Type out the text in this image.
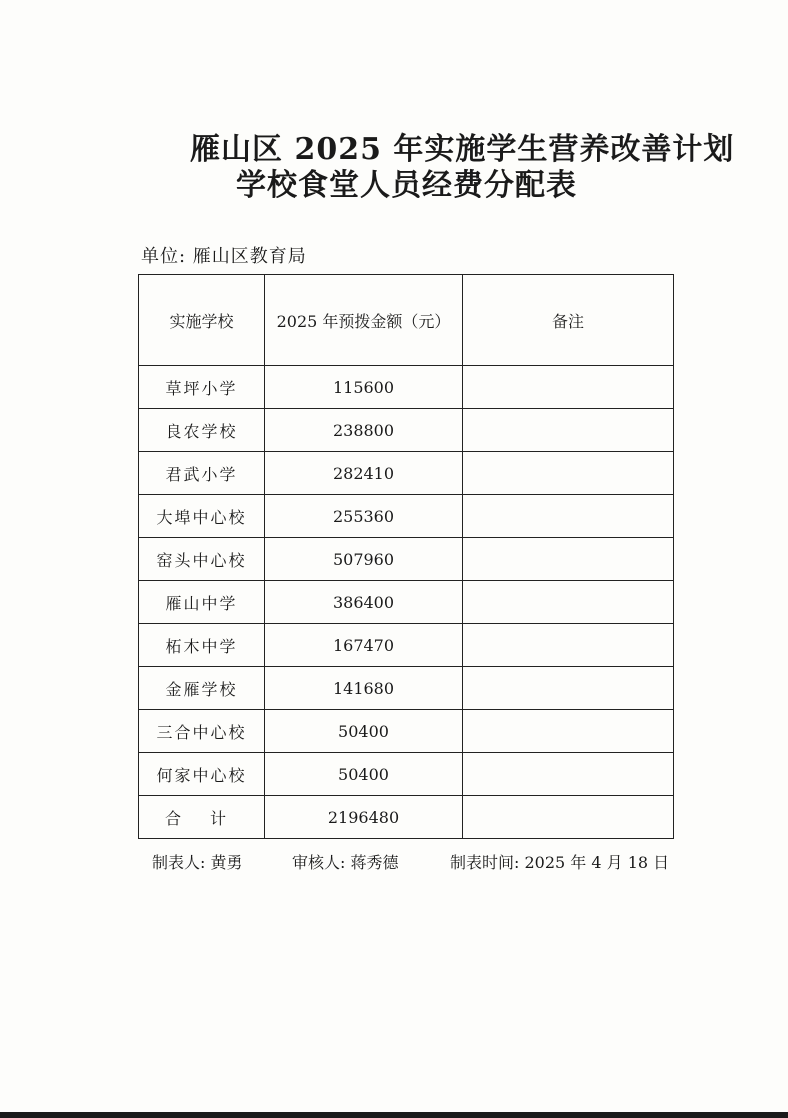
雁山区 2025 年实施学生营养改善计划
学校食堂人员经费分配表
单位: 雁山区教育局
实施学校	2025 年预拨金额（元）	备注
草坪小学	115600	
良农学校	238800	
君武小学	282410	
大埠中心校	255360	
窑头中心校	507960	
雁山中学	386400	
柘木中学	167470	
金雁学校	141680	
三合中心校	50400	
何家中心校	50400	
合 计	2196480	
制表人: 黄勇	审核人: 蒋秀德	制表时间: 2025 年 4 月 18 日
